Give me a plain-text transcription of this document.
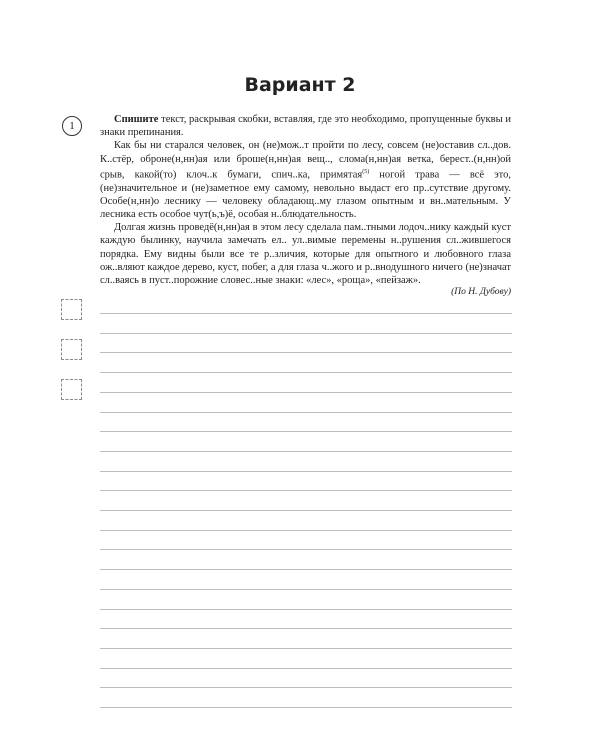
Вариант 2
1

Спишите текст, раскрывая скобки, вставляя, где это необходимо, пропущенные буквы и знаки препинания.

Как бы ни старался человек, он (не)мож..т пройти по лесу, совсем (не)оставив сл..дов. К..стёр, оброне(н,нн)ая или броше(н,нн)ая вещ.., слома(н,нн)ая ветка, берест..(н,нн)ой срыв, какой(то) клоч..к бумаги, спич..ка, примятая$^{(5)}$ ногой трава — всё это, (не)значительное и (не)заметное ему самому, невольно выдаст его пр..сутствие другому. Особе(н,нн)о леснику — человеку обладающ..му глазом опытным и вн..мательным. У лесника есть особое чут(ь,ъ)ё, особая н..блюдательность.

Долгая жизнь проведё(н,нн)ая в этом лесу сделала пам..тными лодоч..нику каждый куст каждую былинку, научила замечать ел.. ул..вимые перемены н..рушения сл..жившегося порядка. Ему видны были все те р..зличия, которые для опытного и любовного глаза ож..вляют каждое дерево, куст, побег, а для глаза ч..жого и р..внодушного ничего (не)значат сл..ваясь в пуст..порожние словес..ные знаки: «лес», «роща», «пейзаж».

(По Н. Дубову)
